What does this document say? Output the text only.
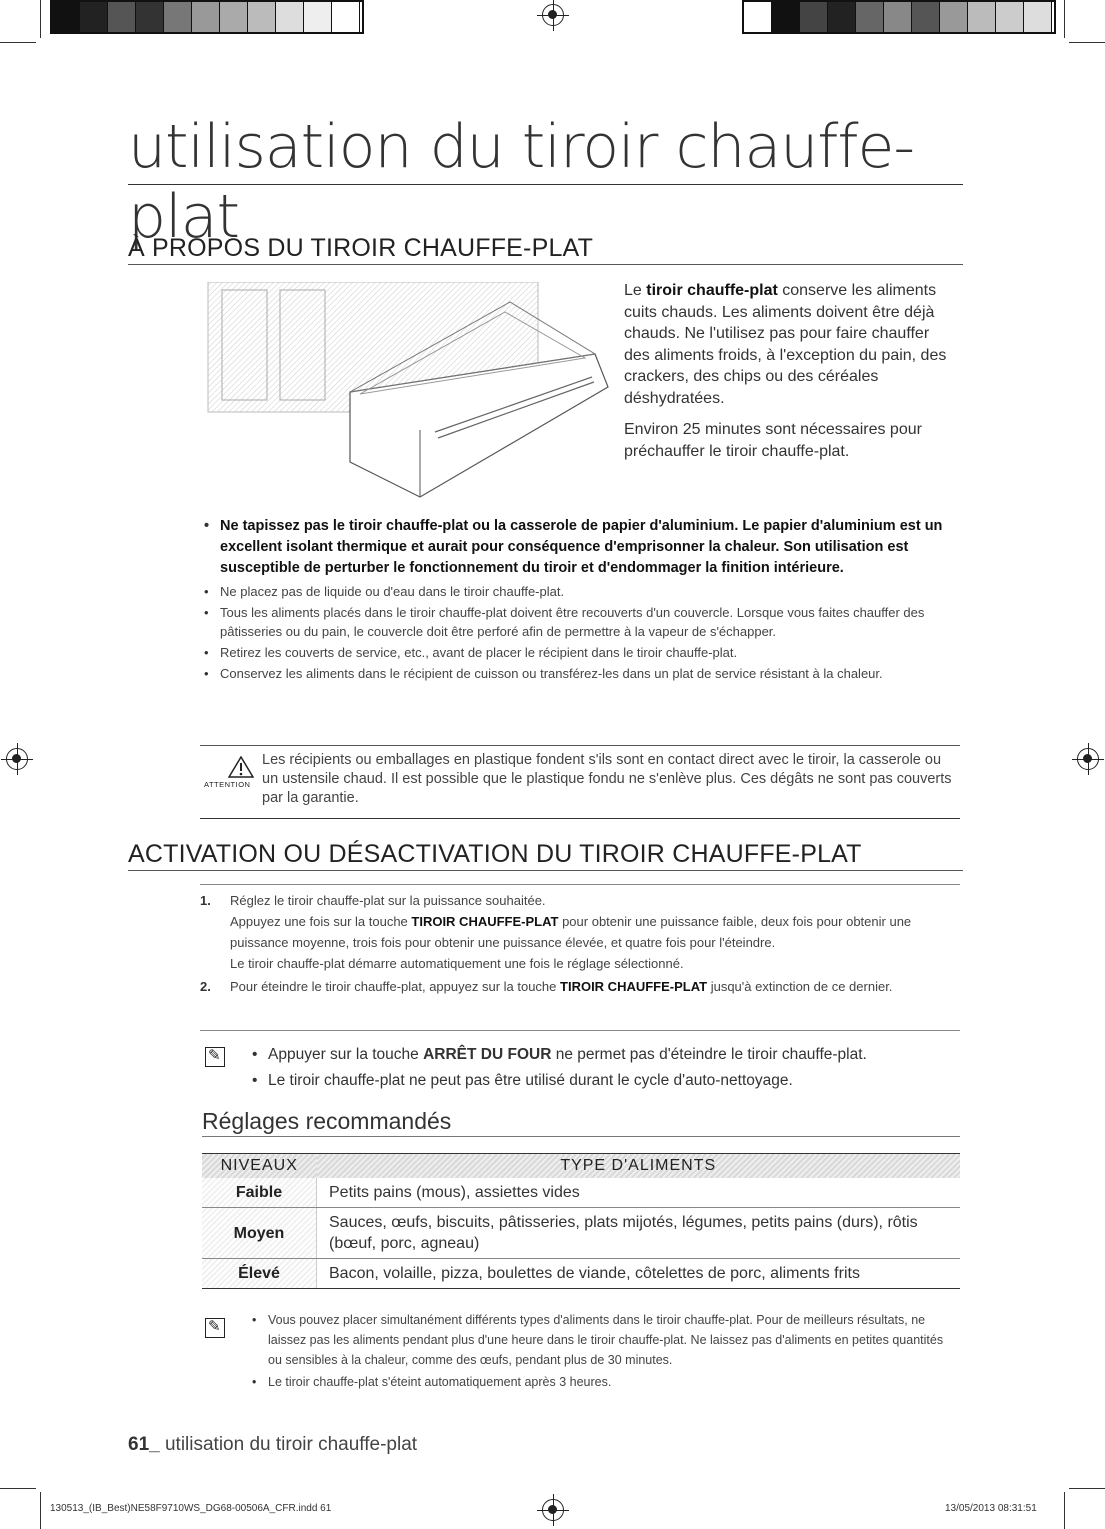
utilisation du tiroir chauffe-plat
À PROPOS DU TIROIR CHAUFFE-PLAT

Le tiroir chauffe-plat conserve les aliments cuits chauds. Les aliments doivent être déjà chauds. Ne l'utilisez pas pour faire chauffer des aliments froids, à l'exception du pain, des crackers, des chips ou des céréales déshydratées.

Environ 25 minutes sont nécessaires pour préchauffer le tiroir chauffe-plat.

• Ne tapissez pas le tiroir chauffe-plat ou la casserole de papier d'aluminium. Le papier d'aluminium est un excellent isolant thermique et aurait pour conséquence d'emprisonner la chaleur. Son utilisation est susceptible de perturber le fonctionnement du tiroir et d'endommager la finition intérieure.
• Ne placez pas de liquide ou d'eau dans le tiroir chauffe-plat.
• Tous les aliments placés dans le tiroir chauffe-plat doivent être recouverts d'un couvercle. Lorsque vous faites chauffer des pâtisseries ou du pain, le couvercle doit être perforé afin de permettre à la vapeur de s'échapper.
• Retirez les couverts de service, etc., avant de placer le récipient dans le tiroir chauffe-plat.
• Conservez les aliments dans le récipient de cuisson ou transférez-les dans un plat de service résistant à la chaleur.
ATTENTION
Les récipients ou emballages en plastique fondent s'ils sont en contact direct avec le tiroir, la casserole ou un ustensile chaud. Il est possible que le plastique fondu ne s'enlève plus. Ces dégâts ne sont pas couverts par la garantie.
ACTIVATION OU DÉSACTIVATION DU TIROIR CHAUFFE-PLAT
1. Réglez le tiroir chauffe-plat sur la puissance souhaitée.
Appuyez une fois sur la touche TIROIR CHAUFFE-PLAT pour obtenir une puissance faible, deux fois pour obtenir une puissance moyenne, trois fois pour obtenir une puissance élevée, et quatre fois pour l'éteindre.
Le tiroir chauffe-plat démarre automatiquement une fois le réglage sélectionné.
2. Pour éteindre le tiroir chauffe-plat, appuyez sur la touche TIROIR CHAUFFE-PLAT jusqu'à extinction de ce dernier.
✎
• Appuyer sur la touche ARRÊT DU FOUR ne permet pas d'éteindre le tiroir chauffe-plat.
• Le tiroir chauffe-plat ne peut pas être utilisé durant le cycle d'auto-nettoyage.
Réglages recommandés
NIVEAUX	TYPE D'ALIMENTS
Faible	Petits pains (mous), assiettes vides
Moyen	Sauces, œufs, biscuits, pâtisseries, plats mijotés, légumes, petits pains (durs), rôtis (bœuf, porc, agneau)
Élevé	Bacon, volaille, pizza, boulettes de viande, côtelettes de porc, aliments frits
✎
• Vous pouvez placer simultanément différents types d'aliments dans le tiroir chauffe-plat. Pour de meilleurs résultats, ne laissez pas les aliments pendant plus d'une heure dans le tiroir chauffe-plat. Ne laissez pas d'aliments en petites quantités ou sensibles à la chaleur, comme des œufs, pendant plus de 30 minutes.
• Le tiroir chauffe-plat s'éteint automatiquement après 3 heures.
61_ utilisation du tiroir chauffe-plat
130513_(IB_Best)NE58F9710WS_DG68-00506A_CFR.indd 61	13/05/2013 08:31:51
